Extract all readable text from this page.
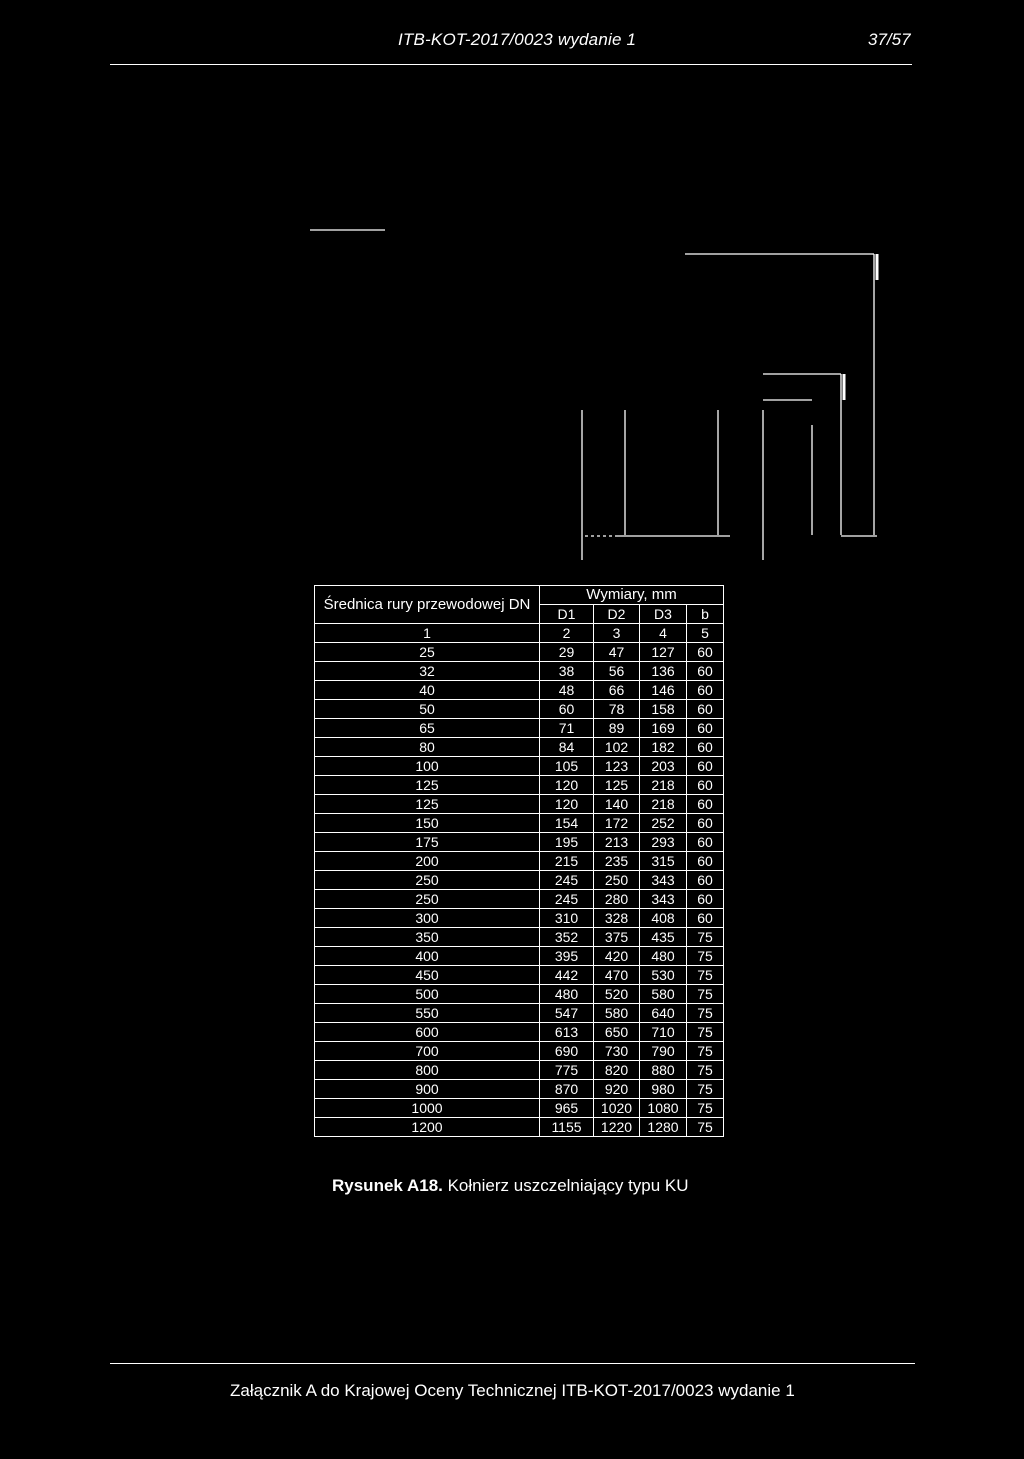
ITB-KOT-2017/0023 wydanie 1	37/57
Średnica rury przewodowej DN	Wymiary, mm			
	D1	D2	D3	b
1	2	3	4	5
25	29	47	127	60
32	38	56	136	60
40	48	66	146	60
50	60	78	158	60
65	71	89	169	60
80	84	102	182	60
100	105	123	203	60
125	120	125	218	60
125	120	140	218	60
150	154	172	252	60
175	195	213	293	60
200	215	235	315	60
250	245	250	343	60
250	245	280	343	60
300	310	328	408	60
350	352	375	435	75
400	395	420	480	75
450	442	470	530	75
500	480	520	580	75
550	547	580	640	75
600	613	650	710	75
700	690	730	790	75
800	775	820	880	75
900	870	920	980	75
1000	965	1020	1080	75
1200	1155	1220	1280	75
Rysunek A18. Kołnierz uszczelniający typu KU
Załącznik A do Krajowej Oceny Technicznej ITB-KOT-2017/0023 wydanie 1
